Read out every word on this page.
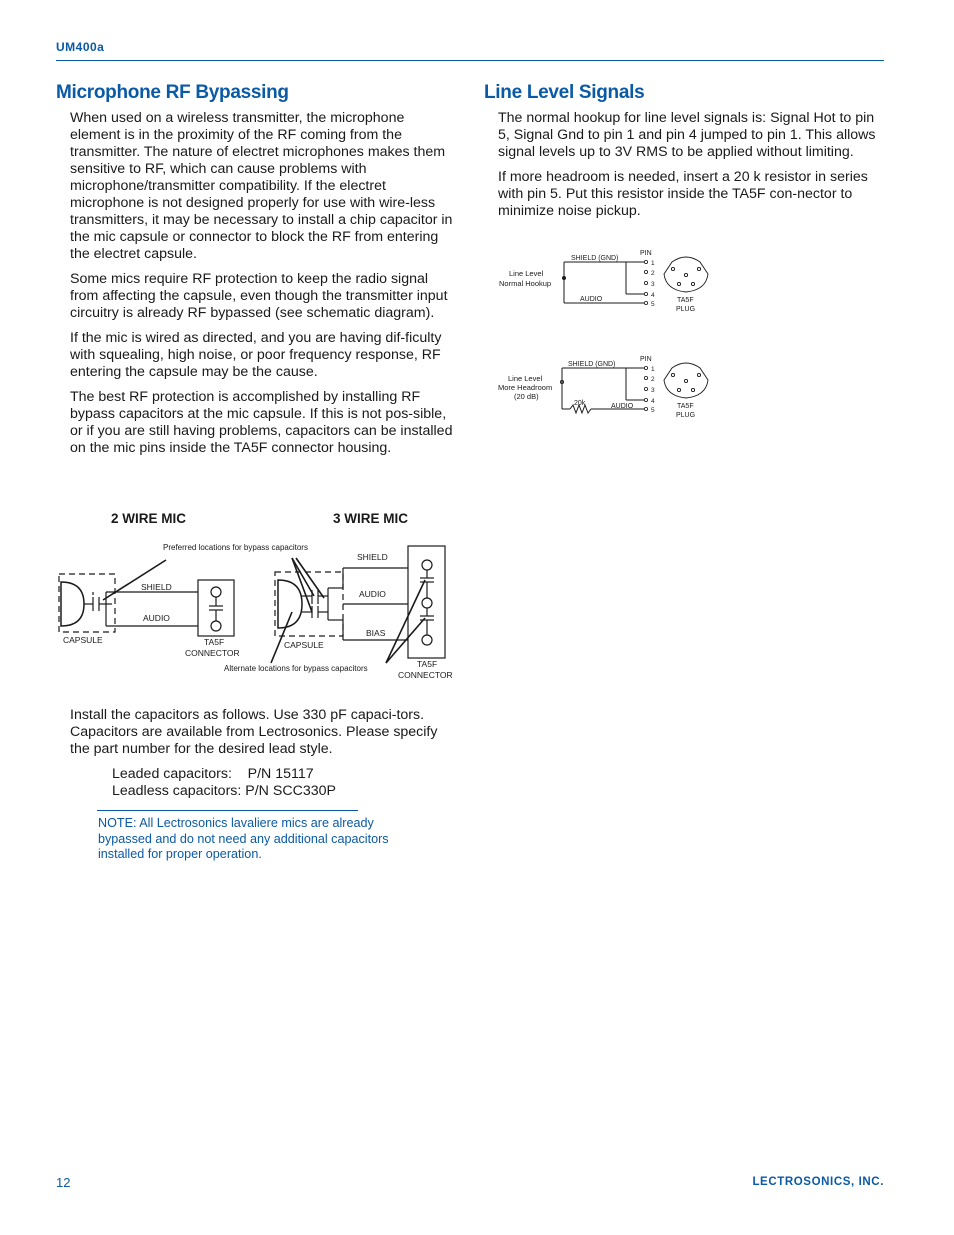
UM400a
Microphone RF Bypassing

When used on a wireless transmitter, the microphone element is in the proximity of the RF coming from the transmitter. The nature of electret microphones makes them sensitive to RF, which can cause problems with microphone/transmitter compatibility. If the electret microphone is not designed properly for use with wire-less transmitters, it may be necessary to install a chip capacitor in the mic capsule or connector to block the RF from entering the electret capsule.

Some mics require RF protection to keep the radio signal from affecting the capsule, even though the transmitter input circuitry is already RF bypassed (see schematic diagram).

If the mic is wired as directed, and you are having dif-ficulty with squealing, high noise, or poor frequency response, RF entering the capsule may be the cause.

The best RF protection is accomplished by installing RF bypass capacitors at the mic capsule. If this is not pos-sible, or if you are still having problems, capacitors can be installed on the mic pins inside the TA5F connector housing.

2 WIRE MIC	3 WIRE MIC
Preferred locations for bypass capacitors
SHIELD
AUDIO
CAPSULE	TA5F
CONNECTOR
SHIELD
AUDIO
BIAS
CAPSULE
Alternate locations for bypass capacitors	TA5F
CONNECTOR

Install the capacitors as follows. Use 330 pF capaci-tors. Capacitors are available from Lectrosonics. Please specify the part number for the desired lead style.

Leaded capacitors:    P/N 15117
Leadless capacitors: P/N SCC330P
NOTE: All Lectrosonics lavaliere mics are already bypassed and do not need any additional capacitors installed for proper operation.
Line Level Signals

The normal hookup for line level signals is: Signal Hot to pin 5, Signal Gnd to pin 1 and pin 4 jumped to pin 1. This allows signal levels up to 3V RMS to be applied without limiting.

If more headroom is needed, insert a 20 k resistor in series with pin 5. Put this resistor inside the TA5F con-nector to minimize noise pickup.

Line Level
Normal Hookup
SHIELD (GND)
AUDIO
PIN
1
2
3
4
5
TA5F
PLUG
Line Level
More Headroom
(20 dB)
SHIELD (GND)
20k	AUDIO
PIN
1
2
3
4
5
TA5F
PLUG
12	LECTROSONICS, INC.
